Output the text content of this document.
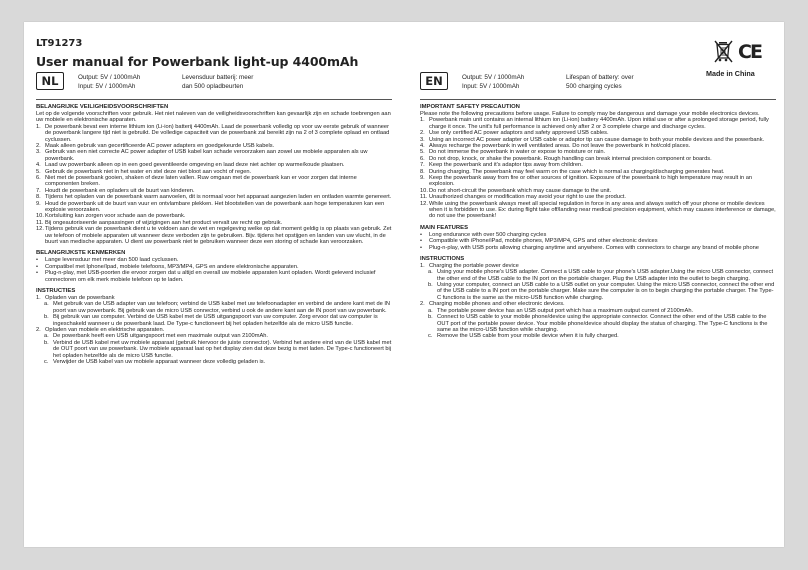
LT91273
User manual for Powerbank light-up 4400mAh	CE
Made in China
NL	Output: 5V / 1000mAh
Input: 5V / 1000mAh
Levensduur batterij: meer
dan 500 opladbeurten
BELANGRIJKE VEILIGHEIDSVOORSCHRIFTEN

Let op de volgende voorschriften voor gebruik. Het niet naleven van de veiligheidsvoorschriften kan gevaarlijk zijn en schade toebrengen aan uw mobiele en elektronische apparaten.

1. De powerbank bevat een interne lithium ion (Li-ion) batterij 4400mAh. Laad de powerbank volledig op voor uw eerste gebruik of wanneer de powerbank langere tijd niet is gebruikt. De volledige capaciteit van de powerbank zal bereikt zijn na 2 of 3 complete oplaad en ontlaad cyclussen.

2. Maak alleen gebruik van gecertificeerde AC power adapters en goedgekeurde USB kabels.

3. Gebruik van een niet correcte AC power adapter of USB kabel kan schade veroorzaken aan zowel uw mobiele apparaten als uw powerbank.

4. Laad uw powerbank alleen op in een goed geventileerde omgeving en laad deze niet achter op warme/koude plaatsen.

5. Gebruik de powerbank niet in het water en stel deze niet bloot aan vocht of regen.

6. Niet met de powerbank gooien, shaken of deze laten vallen. Ruw omgaan met de powerbank kan er voor zorgen dat interne componenten breken.

7. Houdt de powerbank en opladers uit de buurt van kinderen.

8. Tijdens het opladen van de powerbank warm aanvoelen, dit is normaal voor het apparaat aangezien laden en ontladen warmte genereert.

9. Houd de powerbank uit de buurt van vuur en ontvlambare plekken. Het blootstellen van de powerbank aan hoge temperaturen kan een explosie veroorzaken.

10. Kortsluiting kan zorgen voor schade aan de powerbank.

11. Bij ongeautoriseerde aanpassingen of wijzigingen aan het product vervalt uw recht op gebruik.

12. Tijdens gebruik van de powerbank dient u te voldoen aan de wet en regelgeving welke op dat moment geldig is op plaats van gebruik. Zet uw telefoon of mobiele apparaten uit wanneer deze verboden zijn te gebruiken. Bijv. tijdens het opstijgen en landen van uw vlucht, in de buurt van medische apparaten. U dient uw powerbank niet te gebruiken wanneer deze een storing of schade kan veroorzaken.

BELANGRIJKSTE KENMERKEN

• Lange levensduur met meer dan 500 laad cyclussen.

• Compatibel met Iphone/Ipad, mobiele telefoons, MP3/MP4, GPS en andere elektronische apparaten.

• Plug-n-play, met USB-poorten die ervoor zorgen dat u altijd en overall uw mobiele apparaten kunt opladen. Wordt geleverd inclusief connectoren om elk merk mobiele telefoon op te laden.

INSTRUCTIES

1. Opladen van de powerbank

a. Met gebruik van de USB adapter van uw telefoon; verbind de USB kabel met uw telefoonadapter en verbind de andere kant met de IN poort van uw powerbank. Bij gebruik van de micro USB connector, verbind u ook de andere kant aan de IN poort van uw powerbank.

b. Bij gebruik van uw computer. Verbind de USB kabel met de USB uitgangspoort van uw computer. Zorg ervoor dat uw computer is ingeschakeld wanneer u de powerbank laad. De Type-c functioneert bij het opladen hetzelfde als de micro USB functie.

2. Opladen van mobiele en elektrische apparaten.

a. De powerbank heeft een USB uitgangspoort met een maximale output van 2100mAh.

b. Verbind de USB kabel met uw mobiele apparaat (gebruik hiervoor de juiste connector). Verbind het andere eind van de USB kabel met de OUT poort van uw powerbank. Uw mobiele apparaat laat op het display zien dat deze bezig is met laden. De Type-c functioneert bij het opladen hetzelfde als de micro USB functie.

c. Verwijder de USB kabel van uw mobiele apparaat wanneer deze volledig geladen is.

EN	Output: 5V / 1000mAh
Input: 5V / 1000mAh
Lifespan of battery: over
500 charging cycles
IMPORTANT SAFETY PRECAUTION

Please note the following precautions before usage. Failure to comply may be dangerous and damage your mobile electronics devices.

1. Powerbank main unit contains an internal lithium ion (Li-ion) battery 4400mAh. Upon initial use or after a prolonged storage period, fully charge it once. The unit's full performance is achieved only after 2 or 3 complete charge and discharge cycles.

2. Use only certified AC power adaptors and safety approved USB cables.

3. Using an incorrect AC power adapter or USB cable or adaptor tip can cause damage to both your mobile devices and the powerbank.

4. Always recharge the powerbank in well ventilated areas. Do not leave the powerbank in hot/cold places.

5. Do not immerse the powerbank in water or expose to moisture or rain.

6. Do not drop, knock, or shake the powerbank. Rough handling can break internal precision component or boards.

7. Keep the powerbank and it's adaptor tips away from children.

8. During charging. The powerbank may feel warm on the case which is normal as charging/discharging generates heat.

9. Keep the powerbank away from fire or other sources of ignition. Exposure of the powerbank to high temperature may result in an explosion.

10. Do not short-circuit the powerbank which may cause damage to the unit.

11. Unauthorized changes or modification may avoid your right to use the product.

12. While using the powerbank always meet all special regulation in force in any area and always switch off your phone or mobile devices when it is forbidden to use. Ex: during flight take off/landing near medical precision equipment, which may causes interference or damage, do not use the powerbank!

MAIN FEATURES

• Long endurance with over 500 charging cycles

• Compatible with iPhone/iPad, mobile phones, MP3/MP4, GPS and other electronic devices

• Plug-n-play, with USB ports allowing charging anytime and anywhere. Comes with connectors to charge any brand of mobile phone

INSTRUCTIONS

1. Charging the portable power device

a. Using your mobile phone's USB adapter. Connect a USB cable to your phone's USB adapter.Using the micro USB connector, connect the other end of the USB cable to the IN port on the portable charger. Plug the USB adapter into the outlet to begin charging.

b. Using your computer, connect an USB cable to a USB outlet on your computer. Using the micro USB connector, connect the other end of the USB cable to a IN port on the portable charger. Make sure the computer is on to begin charging the portable charger. The Type-C functions is the same as the micro-USB function while charging.

2. Charging mobile phones and other electronic devices.

a. The portable power device has an USB output port which has a maximum output current of 2100mAh.

b. Connect to USB cable to your mobile phone/device using the appropriate connector. Connect the other end of the USB cable to the OUT port of the portable power device. Your mobile phone/device should display the status of charging. The Type-C functions is the same as the micro-USB function while charging.

c. Remove the USB cable from your mobile device when it is fully charged.
